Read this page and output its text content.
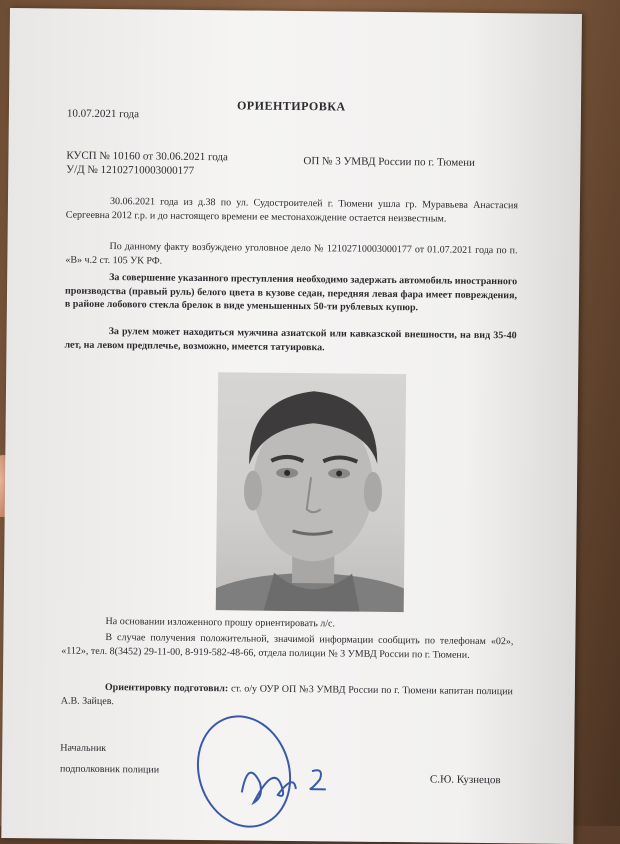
10.07.2021 года
ОРИЕНТИРОВКА
КУСП № 10160 от 30.06.2021 года	ОП № 3 УМВД России по г. Тюмени
У/Д № 12102710003000177
30.06.2021 года из д.38 по ул. Судостроителей г. Тюмени ушла гр. Муравьева Анастасия Сергеевна 2012 г.р. и до настоящего времени ее местонахождение остается неизвестным.
По данному факту возбуждено уголовное дело № 12102710003000177 от 01.07.2021 года по п. «В» ч.2 ст. 105 УК РФ.
За совершение указанного преступления необходимо задержать автомобиль иностранного производства (правый руль) белого цвета в кузове седан, передняя левая фара имеет повреждения, в районе лобового стекла брелок в виде уменьшенных 50-ти рублевых купюр.
За рулем может находиться мужчина азиатской или кавказской внешности, на вид 35-40 лет, на левом предплечье, возможно, имеется татуировка.
На основании изложенного прошу ориентировать л/с.
В случае получения положительной, значимой информации сообщить по телефонам «02», «112», тел. 8(3452) 29-11-00, 8-919-582-48-66, отдела полиции № 3 УМВД России по г. Тюмени.
Ориентировку подготовил: ст. о/у ОУР ОП №3 УМВД России по г. Тюмени капитан полиции А.В. Зайцев.
Начальник
подполковник полиции
С.Ю. Кузнецов
